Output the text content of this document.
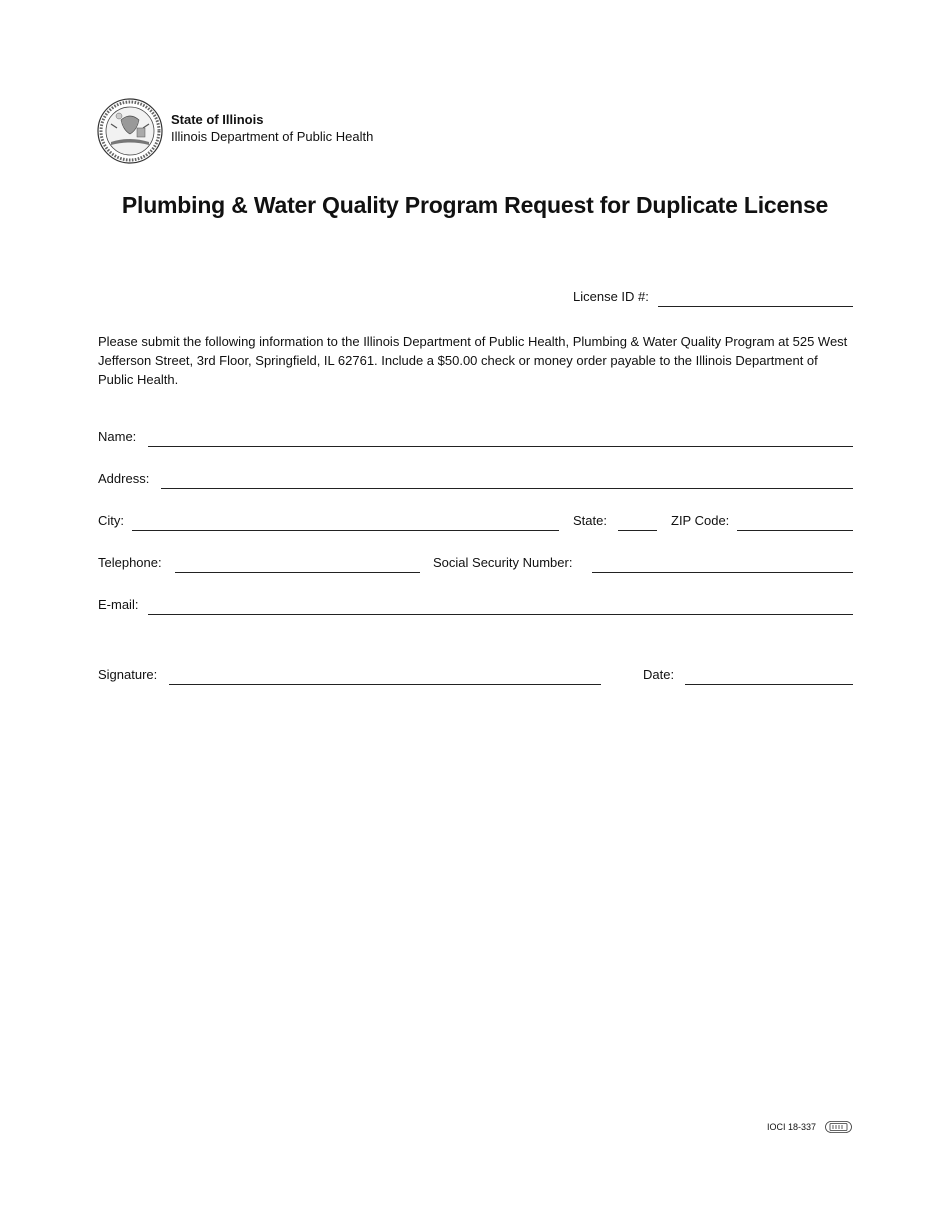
State of Illinois
Illinois Department of Public Health
Plumbing & Water Quality Program Request for Duplicate License
License ID #:
Please submit the following information to the Illinois Department of Public Health, Plumbing & Water Quality Program at 525 West Jefferson Street, 3rd Floor, Springfield, IL 62761. Include a $50.00 check or money order payable to the Illinois Department of Public Health.
Name:
Address:
City:	State:	ZIP Code:
Telephone:	Social Security Number:
E-mail:
Signature:	Date:
IOCI 18-337
